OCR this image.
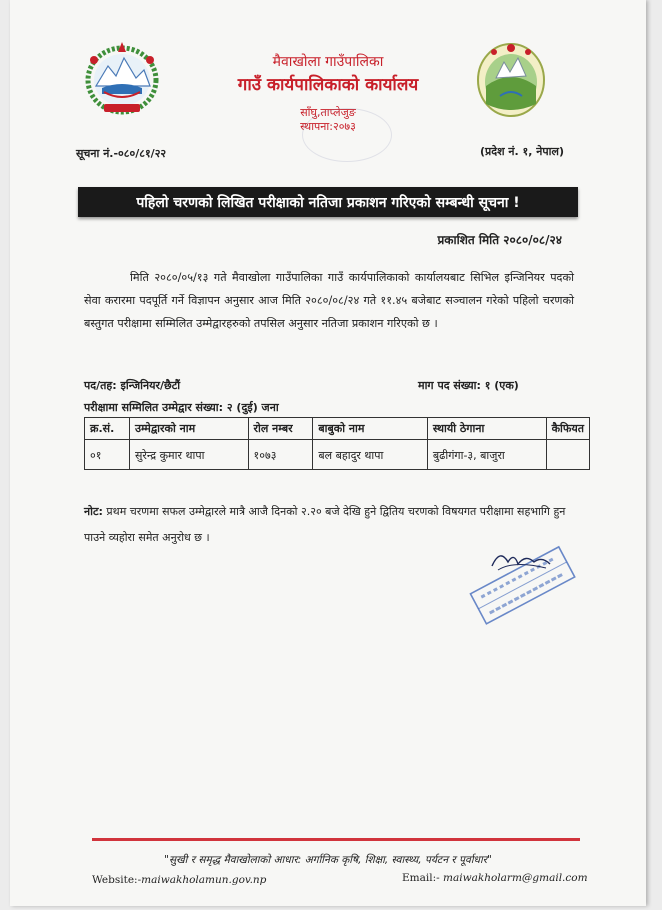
मैवाखोला गाउँपालिका
गाउँ कार्यपालिकाको कार्यालय
साँघु,ताप्लेजुङ
स्थापना:२०७३
सूचना नं.-०८०/८१/२२	(प्रदेश नं. १, नेपाल)
पहिलो चरणको लिखित परीक्षाको नतिजा प्रकाशन गरिएको सम्बन्धी सूचना !
प्रकाशित मिति २०८०/०८/२४
मिति २०८०/०५/१३ गते मैवाखोला गाउँपालिका गाउँ कार्यपालिकाको कार्यालयबाट सिभिल इन्जिनियर पदको सेवा करारमा पदपूर्ति गर्ने विज्ञापन अनुसार आज मिति २०८०/०८/२४ गते ११.४५ बजेबाट सञ्चालन गरेको पहिलो चरणको बस्तुगत परीक्षामा सम्मिलित उम्मेद्वारहरुको तपसिल अनुसार नतिजा प्रकाशन गरिएको छ ।
पद/तह: इन्जिनियर/छैटौं	माग पद संख्या: १ (एक)
परीक्षामा सम्मिलित उम्मेद्वार संख्या: २ (दुई) जना
क्र.सं.	उम्मेद्वारको नाम	रोल नम्बर	बाबुको नाम	स्थायी ठेगाना	कैफियत
०१	सुरेन्द्र कुमार थापा	१०७३	बल बहादुर थापा	बुढीगंगा-३, बाजुरा	
नोट: प्रथम चरणमा सफल उम्मेद्वारले मात्रै आजै दिनको २.२० बजे देखि हुने द्वितिय चरणको विषयगत परीक्षामा सहभागि हुन पाउने व्यहोरा समेत अनुरोध छ ।
"सुखी र समृद्ध मैवाखोलाको आधार: अर्गानिक कृषि, शिक्षा, स्वास्थ्य, पर्यटन र पूर्वाधार"
Website:-maiwakholamun.gov.np	Email:- maiwakholarm@gmail.com
